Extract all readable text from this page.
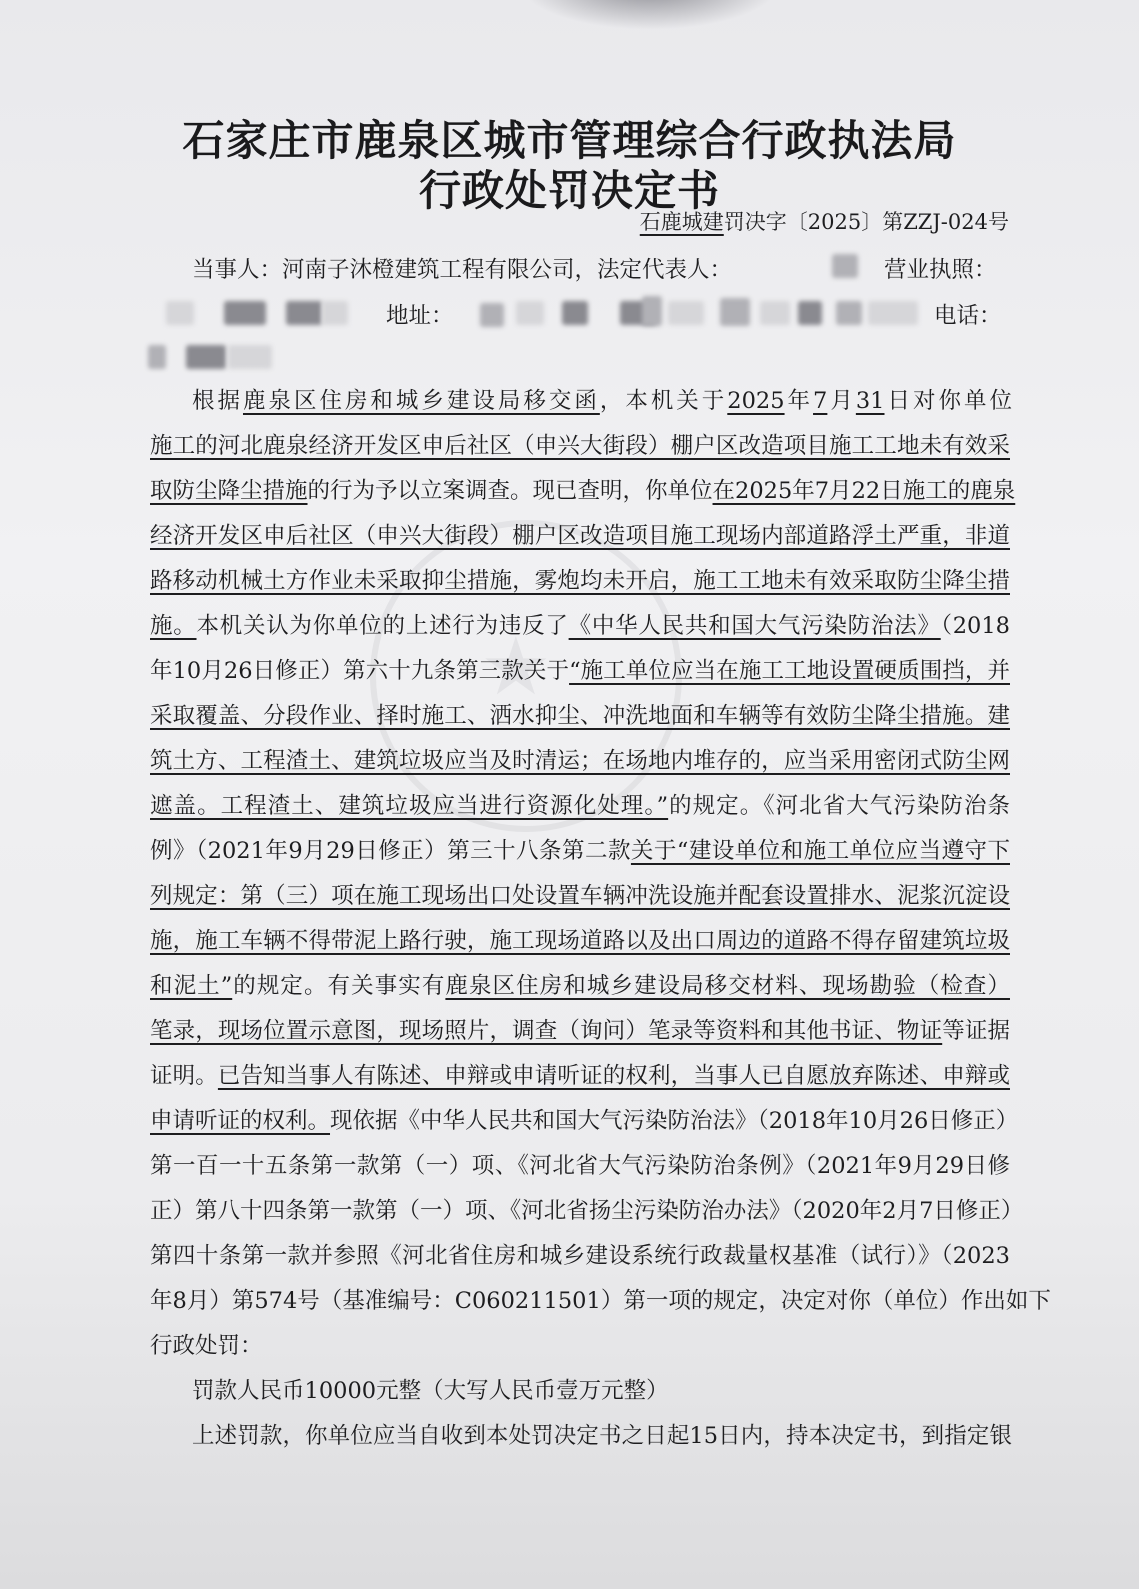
★
石家庄市鹿泉区城市管理综合行政执法局
行政处罚决定书
石鹿城建罚决字〔2025〕第ZZJ-024号
当事人：河南子沐橙建筑工程有限公司，法定代表人：	营业执照：
地址：	电话：
根据鹿泉区住房和城乡建设局移交函，本机关于2025年7月31日对你单位
施工的河北鹿泉经济开发区申后社区（申兴大街段）棚户区改造项目施工工地未有效采
取防尘降尘措施的行为予以立案调查。现已查明，你单位在2025年7月22日施工的鹿泉
经济开发区申后社区（申兴大街段）棚户区改造项目施工现场内部道路浮土严重，非道
路移动机械土方作业未采取抑尘措施，雾炮均未开启，施工工地未有效采取防尘降尘措
施。本机关认为你单位的上述行为违反了《中华人民共和国大气污染防治法》（2018
年10月26日修正）第六十九条第三款关于“施工单位应当在施工工地设置硬质围挡，并
采取覆盖、分段作业、择时施工、洒水抑尘、冲洗地面和车辆等有效防尘降尘措施。建
筑土方、工程渣土、建筑垃圾应当及时清运；在场地内堆存的，应当采用密闭式防尘网
遮盖。工程渣土、建筑垃圾应当进行资源化处理。”的规定。《河北省大气污染防治条
例》（2021年9月29日修正）第三十八条第二款关于“建设单位和施工单位应当遵守下
列规定：第（三）项在施工现场出口处设置车辆冲洗设施并配套设置排水、泥浆沉淀设
施，施工车辆不得带泥上路行驶，施工现场道路以及出口周边的道路不得存留建筑垃圾
和泥土”的规定。有关事实有鹿泉区住房和城乡建设局移交材料、现场勘验（检查）
笔录，现场位置示意图，现场照片，调查（询问）笔录等资料和其他书证、物证等证据
证明。已告知当事人有陈述、申辩或申请听证的权利，当事人已自愿放弃陈述、申辩或
申请听证的权利。现依据《中华人民共和国大气污染防治法》（2018年10月26日修正）
第一百一十五条第一款第（一）项、《河北省大气污染防治条例》（2021年9月29日修
正）第八十四条第一款第（一）项、《河北省扬尘污染防治办法》（2020年2月7日修正）
第四十条第一款并参照《河北省住房和城乡建设系统行政裁量权基准（试行）》（2023
年8月）第574号（基准编号：C060211501）第一项的规定，决定对你（单位）作出如下
行政处罚：
罚款人民币10000元整（大写人民币壹万元整）
上述罚款，你单位应当自收到本处罚决定书之日起15日内，持本决定书，到指定银
